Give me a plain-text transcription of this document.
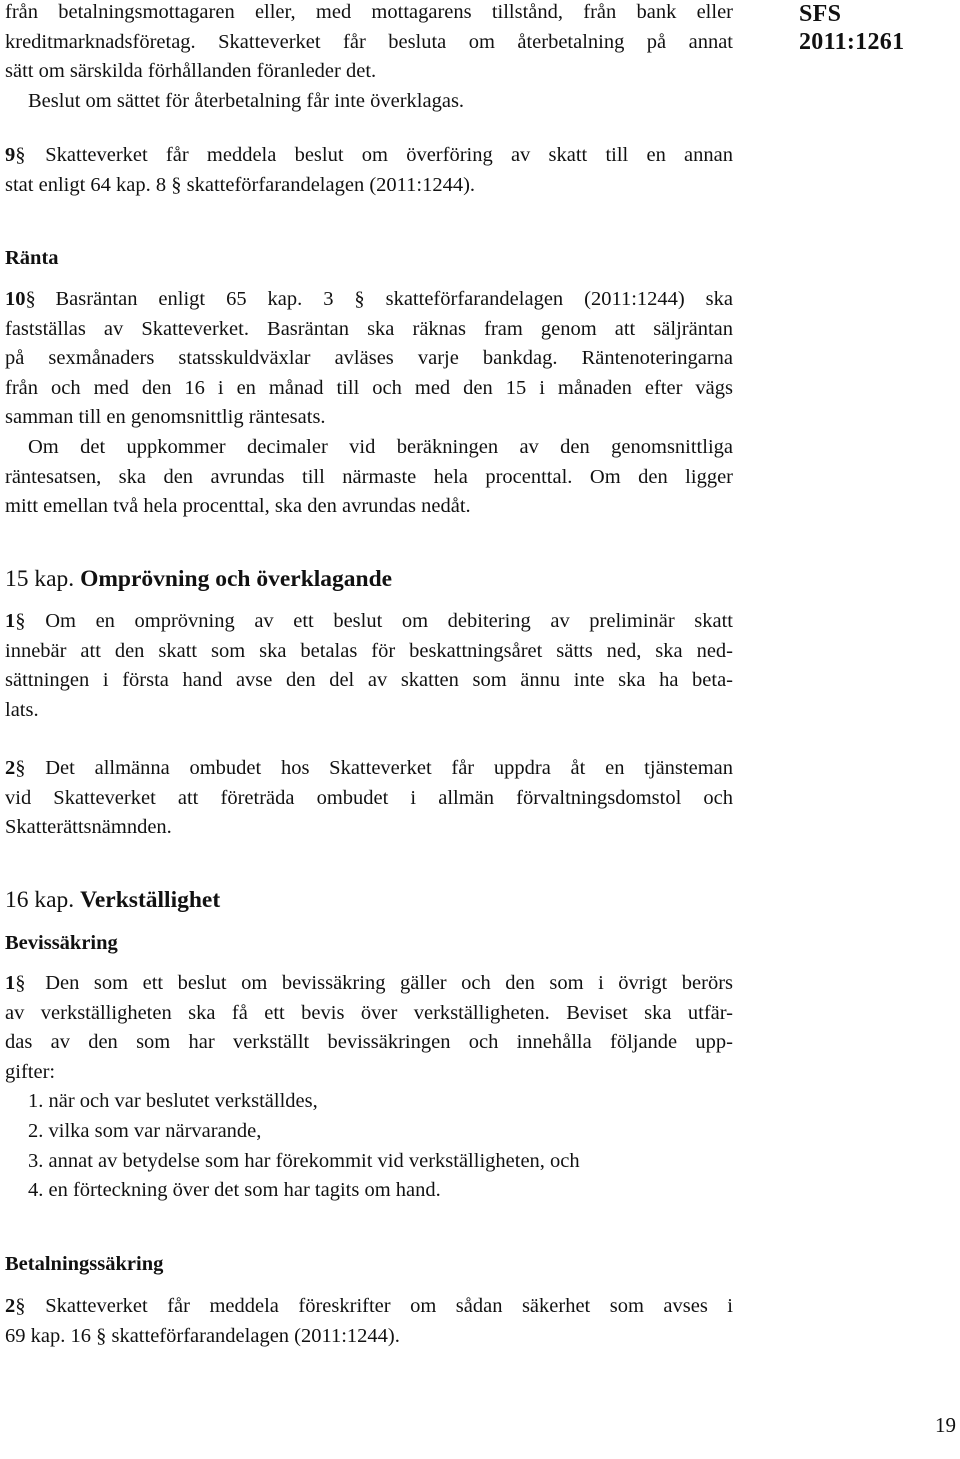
SFS 2011:1261
från betalningsmottagaren eller, med mottagarens tillstånd, från bank eller
kreditmarknadsföretag. Skatteverket får besluta om återbetalning på annat
sätt om särskilda förhållanden föranleder det.
Beslut om sättet för återbetalning får inte överklagas.
9§ Skatteverket får meddela beslut om överföring av skatt till en annan
stat enligt 64 kap. 8 § skatteförfarandelagen (2011:1244).
Ränta
10§ Basräntan enligt 65 kap. 3 § skatteförfarandelagen (2011:1244) ska
fastställas av Skatteverket. Basräntan ska räknas fram genom att säljräntan
på sexmånaders statsskuldväxlar avläses varje bankdag. Räntenoteringarna
från och med den 16 i en månad till och med den 15 i månaden efter vägs
samman till en genomsnittlig räntesats.
Om det uppkommer decimaler vid beräkningen av den genomsnittliga
räntesatsen, ska den avrundas till närmaste hela procenttal. Om den ligger
mitt emellan två hela procenttal, ska den avrundas nedåt.
15 kap. Omprövning och överklagande
1§ Om en omprövning av ett beslut om debitering av preliminär skatt
innebär att den skatt som ska betalas för beskattningsåret sätts ned, ska ned-
sättningen i första hand avse den del av skatten som ännu inte ska ha beta-
lats.
2§ Det allmänna ombudet hos Skatteverket får uppdra åt en tjänsteman
vid Skatteverket att företräda ombudet i allmän förvaltningsdomstol och
Skatterättsnämnden.
16 kap. Verkställighet
Bevissäkring
1§ Den som ett beslut om bevissäkring gäller och den som i övrigt berörs
av verkställigheten ska få ett bevis över verkställigheten. Beviset ska utfär-
das av den som har verkställt bevissäkringen och innehålla följande upp-
gifter:
1. när och var beslutet verkställdes,
2. vilka som var närvarande,
3. annat av betydelse som har förekommit vid verkställigheten, och
4. en förteckning över det som har tagits om hand.
Betalningssäkring
2§ Skatteverket får meddela föreskrifter om sådan säkerhet som avses i
69 kap. 16 § skatteförfarandelagen (2011:1244).
19
